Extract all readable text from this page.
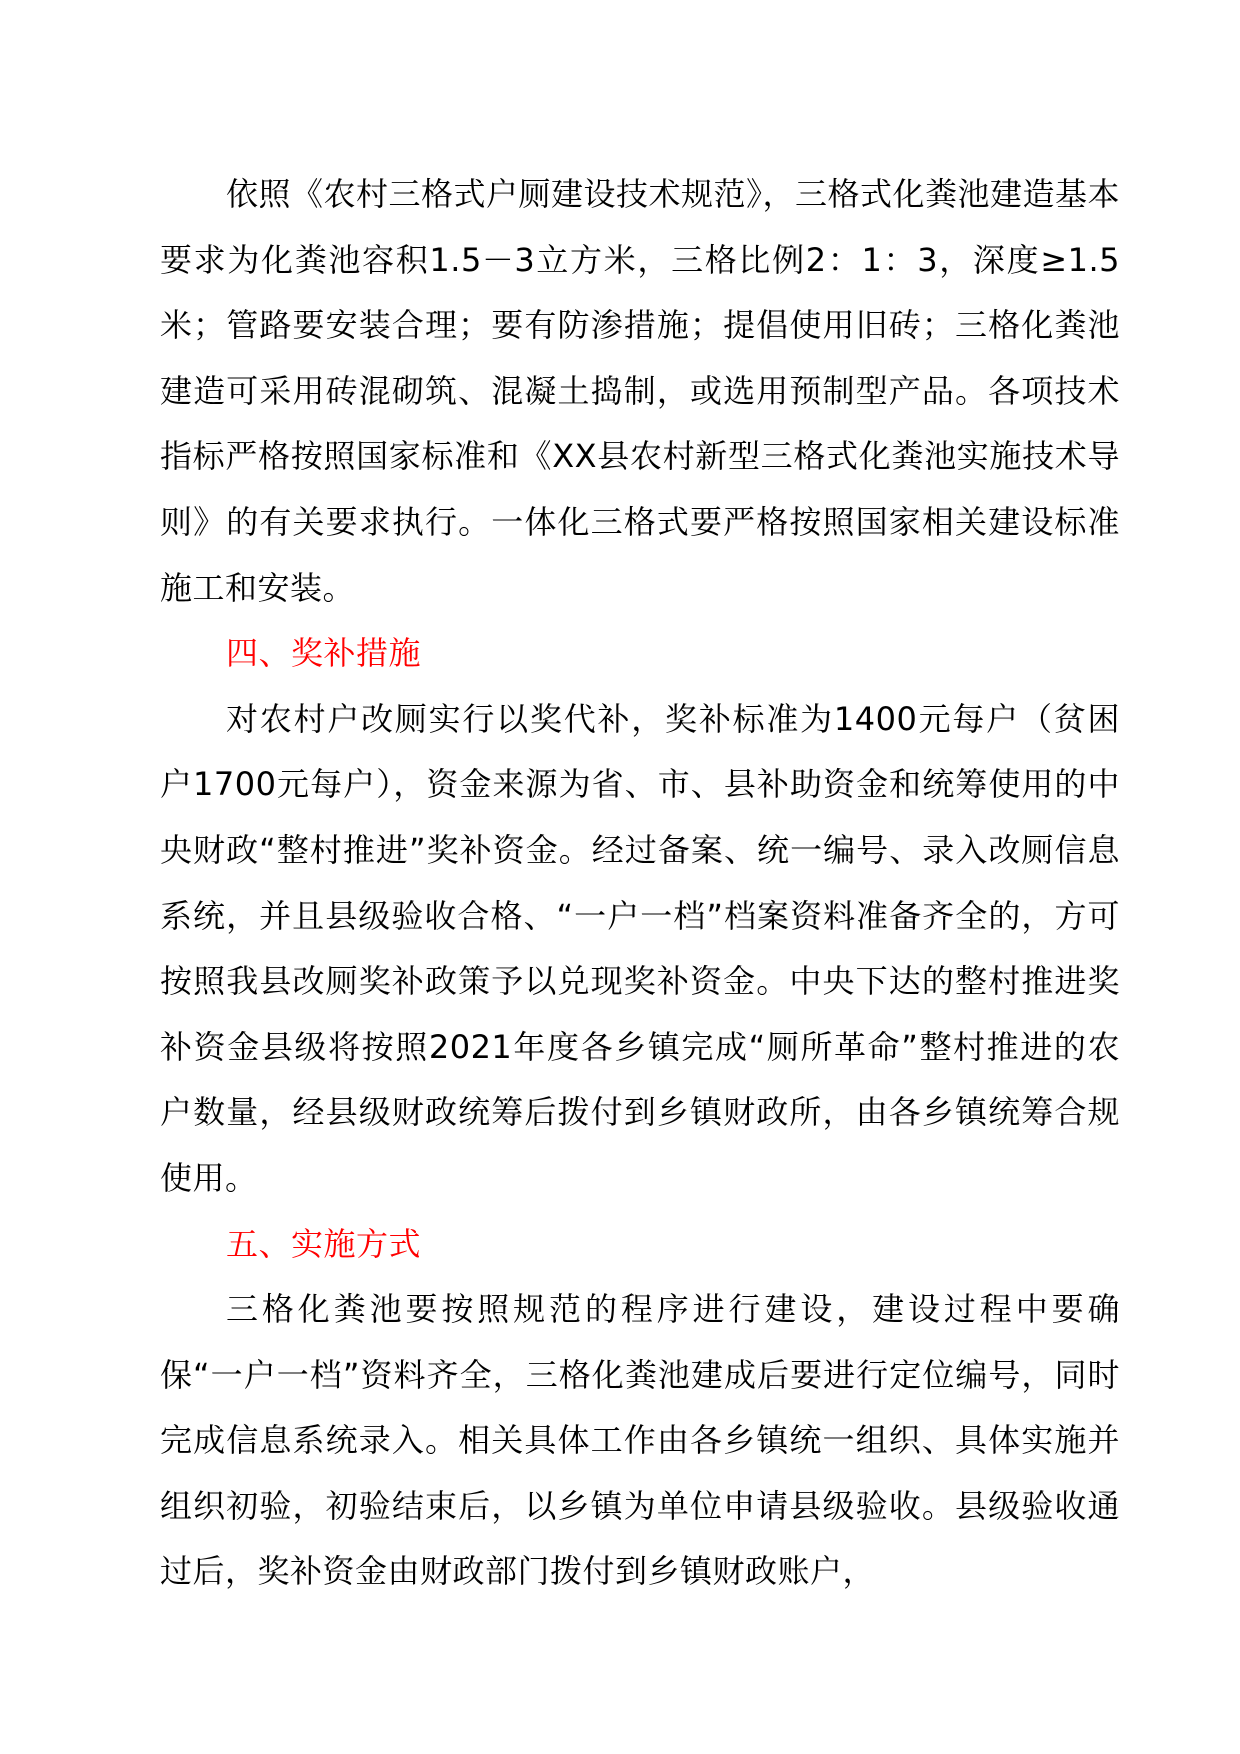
依照《农村三格式户厕建设技术规范》，三格式化粪池建造基本要求为化粪池容积1.5－3立方米，三格比例2：1：3，深度≥1.5米；管路要安装合理；要有防渗措施；提倡使用旧砖；三格化粪池建造可采用砖混砌筑、混凝土捣制，或选用预制型产品。各项技术指标严格按照国家标准和《XX县农村新型三格式化粪池实施技术导则》的有关要求执行。一体化三格式要严格按照国家相关建设标准施工和安装。

四、奖补措施

对农村户改厕实行以奖代补，奖补标准为1400元每户（贫困户1700元每户），资金来源为省、市、县补助资金和统筹使用的中央财政“整村推进”奖补资金。经过备案、统一编号、录入改厕信息系统，并且县级验收合格、“一户一档”档案资料准备齐全的，方可按照我县改厕奖补政策予以兑现奖补资金。中央下达的整村推进奖补资金县级将按照2021年度各乡镇完成“厕所革命”整村推进的农户数量，经县级财政统筹后拨付到乡镇财政所，由各乡镇统筹合规使用。

五、实施方式

三格化粪池要按照规范的程序进行建设，建设过程中要确保“一户一档”资料齐全，三格化粪池建成后要进行定位编号，同时完成信息系统录入。相关具体工作由各乡镇统一组织、具体实施并组织初验，初验结束后，以乡镇为单位申请县级验收。县级验收通过后，奖补资金由财政部门拨付到乡镇财政账户，
